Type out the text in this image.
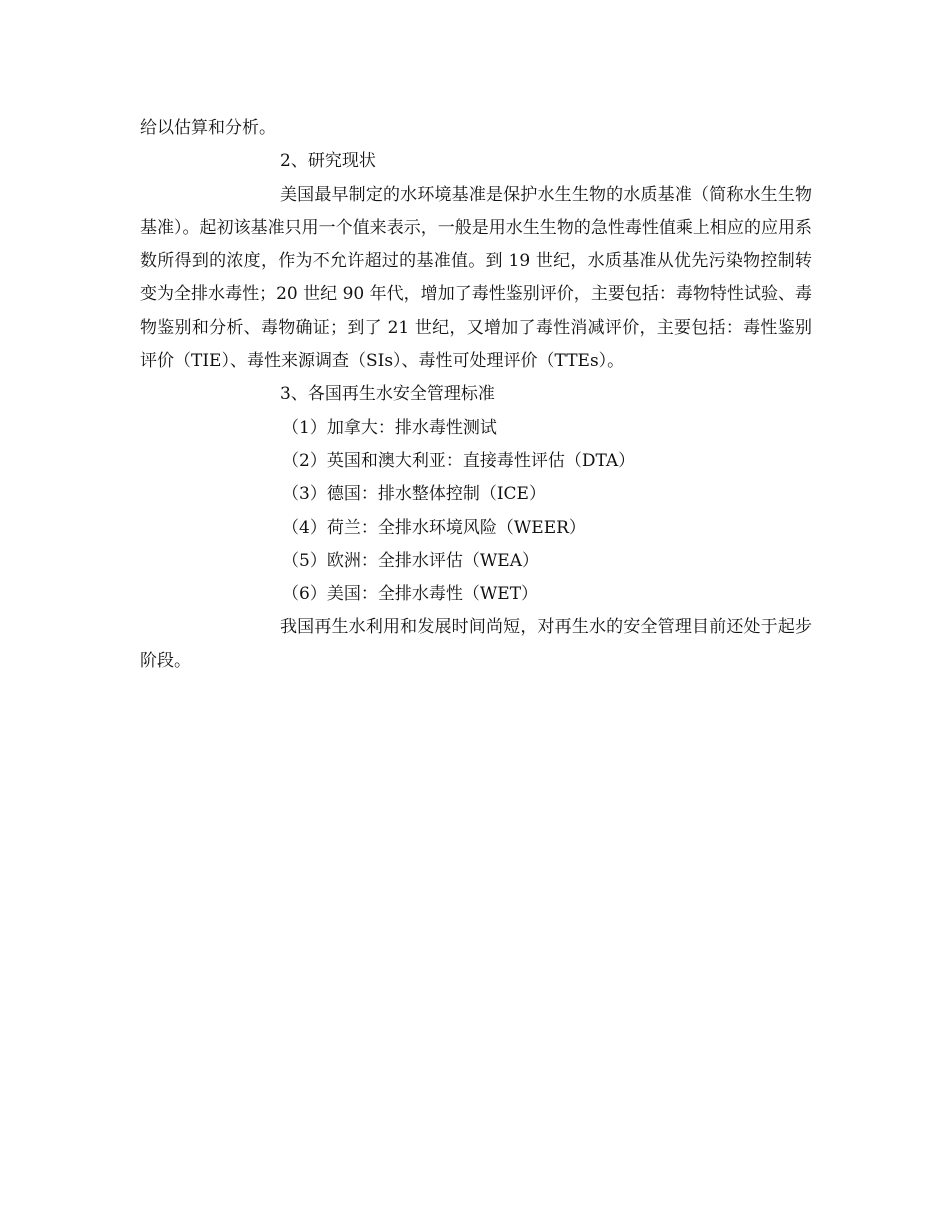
给以估算和分析。

2、研究现状

美国最早制定的水环境基准是保护水生生物的水质基准（简称水生生物基准）。起初该基准只用一个值来表示，一般是用水生生物的急性毒性值乘上相应的应用系数所得到的浓度，作为不允许超过的基准值。到 19 世纪，水质基准从优先污染物控制转变为全排水毒性；20 世纪 90 年代，增加了毒性鉴别评价，主要包括：毒物特性试验、毒物鉴别和分析、毒物确证；到了 21 世纪，又增加了毒性消减评价，主要包括：毒性鉴别评价（TIE）、毒性来源调查（SIs）、毒性可处理评价（TTEs）。

3、各国再生水安全管理标准

（1）加拿大：排水毒性测试

（2）英国和澳大利亚：直接毒性评估（DTA）

（3）德国：排水整体控制（ICE）

（4）荷兰：全排水环境风险（WEER）

（5）欧洲：全排水评估（WEA）

（6）美国：全排水毒性（WET）

我国再生水利用和发展时间尚短，对再生水的安全管理目前还处于起步阶段。
